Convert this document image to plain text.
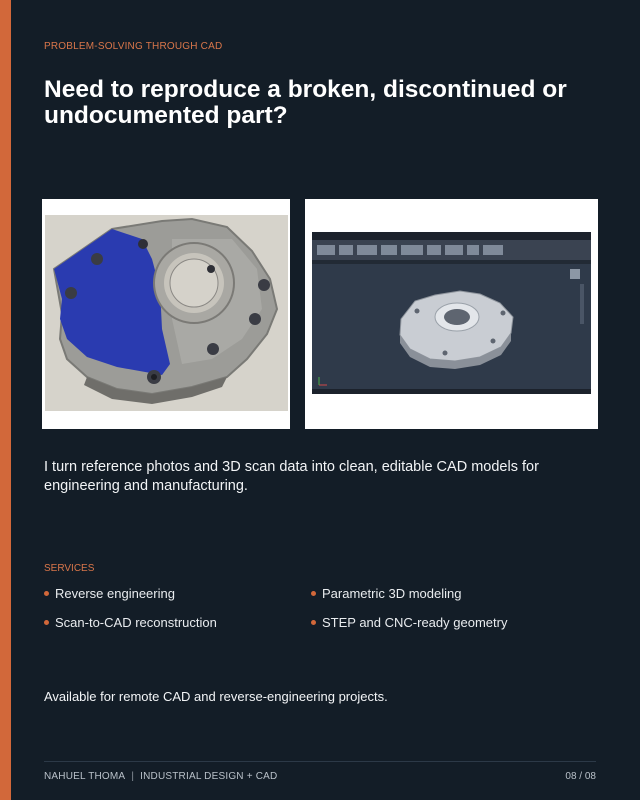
PROBLEM-SOLVING THROUGH CAD
Need to reproduce a broken, discontinued or undocumented part?

I turn reference photos and 3D scan data into clean, editable CAD models for engineering and manufacturing.

SERVICES
Reverse engineering	Parametric 3D modeling
Scan-to-CAD reconstruction	STEP and CNC-ready geometry
Available for remote CAD and reverse-engineering projects.
NAHUEL THOMA | INDUSTRIAL DESIGN + CAD	08 / 08
